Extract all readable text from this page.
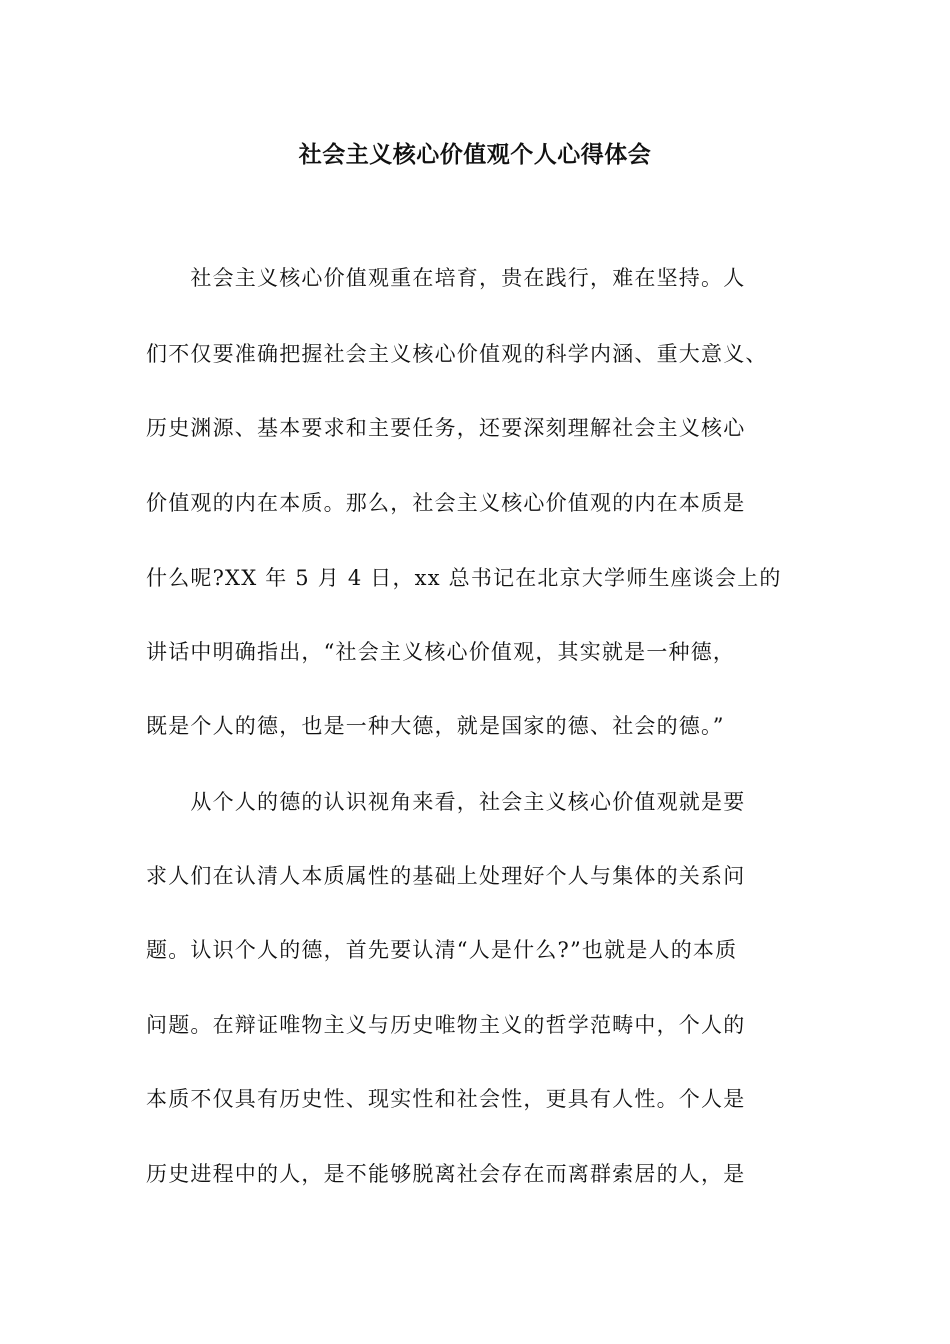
社会主义核心价值观个人心得体会
　　社会主义核心价值观重在培育，贵在践行，难在坚持。人
们不仅要准确把握社会主义核心价值观的科学内涵、重大意义、
历史渊源、基本要求和主要任务，还要深刻理解社会主义核心
价值观的内在本质。那么，社会主义核心价值观的内在本质是
什么呢?XX 年 5 月 4 日，xx 总书记在北京大学师生座谈会上的
讲话中明确指出，“社会主义核心价值观，其实就是一种德，
既是个人的德，也是一种大德，就是国家的德、社会的德。”
　　从个人的德的认识视角来看，社会主义核心价值观就是要
求人们在认清人本质属性的基础上处理好个人与集体的关系问
题。认识个人的德，首先要认清“人是什么?”也就是人的本质
问题。在辩证唯物主义与历史唯物主义的哲学范畴中，个人的
本质不仅具有历史性、现实性和社会性，更具有人性。个人是
历史进程中的人，是不能够脱离社会存在而离群索居的人，是
